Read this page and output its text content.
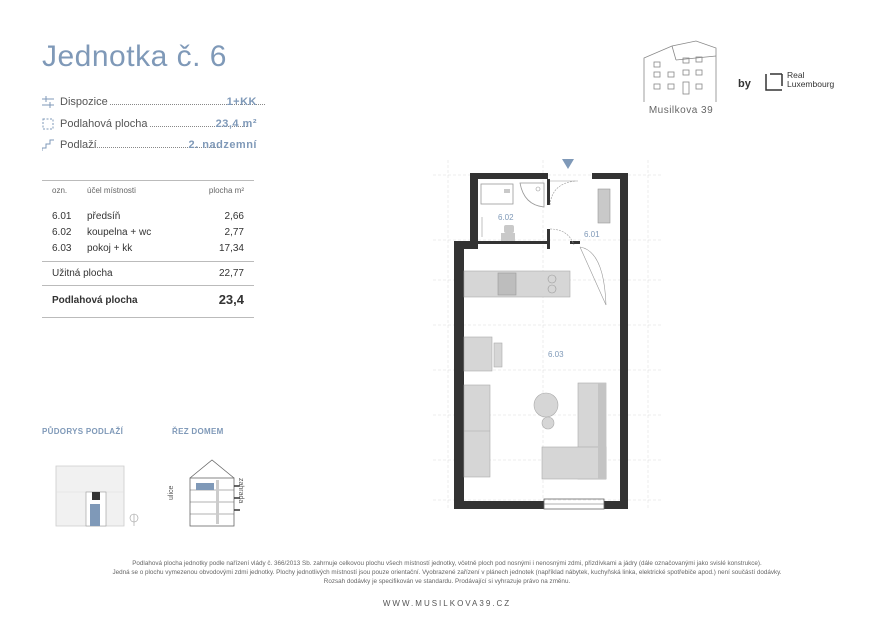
Jednotka č. 6
Dispozice	1+KK
Podlahová plocha	23,4 m²
Podlaží	2. nadzemní
ozn.	účel místnosti	plocha m²
6.01	předsíň	2,66
6.02	koupelna + wc	2,77
6.03	pokoj + kk	17,34
Užitná plocha	22,77
Podlahová plocha	23,4
Musilkova 39
by
Real
Luxembourg
6.02
6.01
6.03
PŮDORYS PODLAŽÍ	ŘEZ DOMEM
ulice	zahrada
Podlahová plocha jednotky podle nařízení vlády č. 366/2013 Sb. zahrnuje celkovou plochu všech místností jednotky, včetně ploch pod nosnými i nenosnými zdmi, přizdívkami a jádry (dále označovanými jako svislé konstrukce).
Jedná se o plochu vymezenou obvodovými zdmi jednotky. Plochy jednotlivých místností jsou pouze orientační. Vyobrazené zařízení v plánech jednotek (například nábytek, kuchyňská linka, elektrické spotřebiče apod.) není součástí dodávky.
Rozsah dodávky je specifikován ve standardu. Prodávající si vyhrazuje právo na změnu.
WWW.MUSILKOVA39.CZ
